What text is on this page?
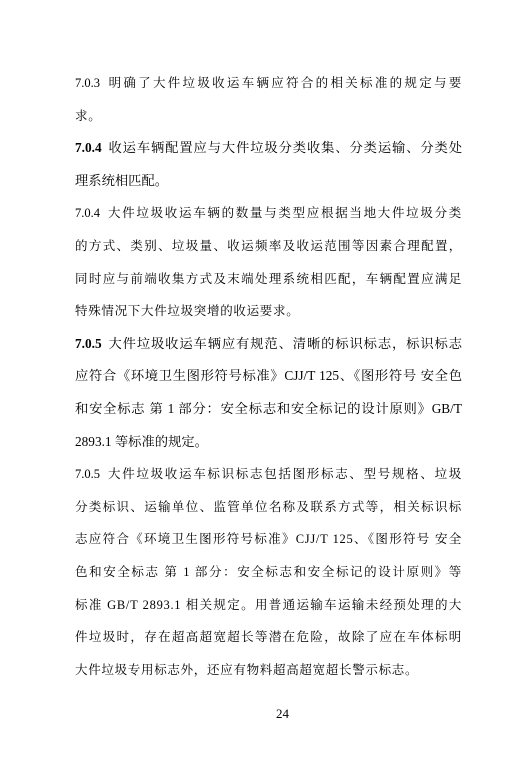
7.0.3 明确了大件垃圾收运车辆应符合的相关标准的规定与要
求。
7.0.4 收运车辆配置应与大件垃圾分类收集、分类运输、分类处
理系统相匹配。
7.0.4 大件垃圾收运车辆的数量与类型应根据当地大件垃圾分类
的方式、类别、垃圾量、收运频率及收运范围等因素合理配置，
同时应与前端收集方式及末端处理系统相匹配，车辆配置应满足
特殊情况下大件垃圾突增的收运要求。
7.0.5 大件垃圾收运车辆应有规范、清晰的标识标志，标识标志
应符合《环境卫生图形符号标准》CJJ/T 125、《图形符号 安全色
和安全标志 第 1 部分：安全标志和安全标记的设计原则》GB/T
2893.1 等标准的规定。
7.0.5 大件垃圾收运车标识标志包括图形标志、型号规格、垃圾
分类标识、运输单位、监管单位名称及联系方式等，相关标识标
志应符合《环境卫生图形符号标准》CJJ/T 125、《图形符号 安全
色和安全标志 第 1 部分：安全标志和安全标记的设计原则》等
标准 GB/T 2893.1 相关规定。用普通运输车运输未经预处理的大
件垃圾时，存在超高超宽超长等潜在危险，故除了应在车体标明
大件垃圾专用标志外，还应有物料超高超宽超长警示标志。
24
